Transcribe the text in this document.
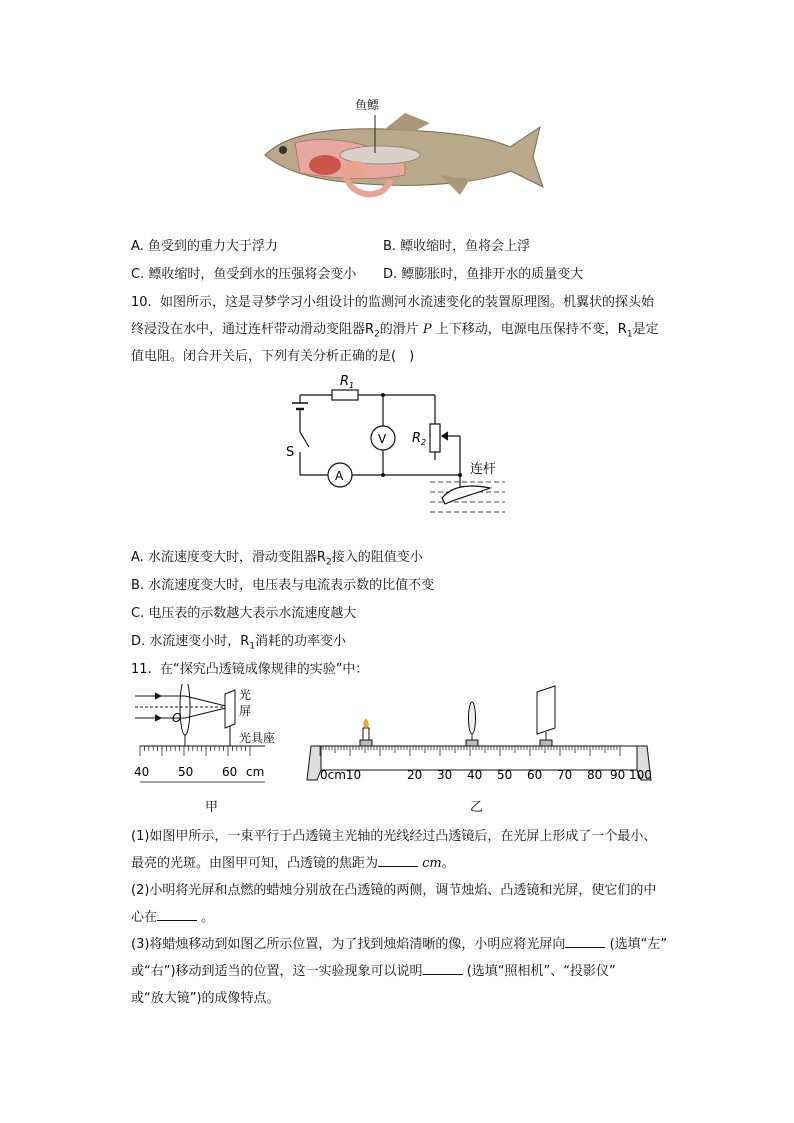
鱼鳔
A. 鱼受到的重力大于浮力	B. 鳔收缩时，鱼将会上浮
C. 鳔收缩时，鱼受到水的压强将会变小 D. 鳔膨胀时，鱼排开水的质量变大
10. 如图所示，这是寻梦学习小组设计的监测河水流速变化的装置原理图。机翼状的探头始
终浸没在水中，通过连杆带动滑动变阻器$R_2$的滑片 P 上下移动，电源电压保持不变，$R_1$是定
值电阻。闭合开关后，下列有关分析正确的是(　)
$R_1$
$R_2$
V
A
S
连杆
A. 水流速度变大时，滑动变阻器$R_2$接入的阻值变小
B. 水流速度变大时，电压表与电流表示数的比值不变
C. 电压表的示数越大表示水流速度越大
D. 水流速变小时，$R_1$消耗的功率变小
11. 在“探究凸透镜成像规律的实验”中：
O
光
屏
光具座
40 50 60 cm
甲
0cm10	20 30 40 50 60 70 80 90 100
乙
(1)如图甲所示，一束平行于凸透镜主光轴的光线经过凸透镜后，在光屏上形成了一个最小、
最亮的光斑。由图甲可知，凸透镜的焦距为	cm。
(2)小明将光屏和点燃的蜡烛分别放在凸透镜的两侧，调节烛焰、凸透镜和光屏，使它们的中
心在	。
(3)将蜡烛移动到如图乙所示位置，为了找到烛焰清晰的像，小明应将光屏向	(选填“左”
或“右”)移动到适当的位置，这一实验现象可以说明	(选填“照相机”、“投影仪”
或“放大镜”)的成像特点。
